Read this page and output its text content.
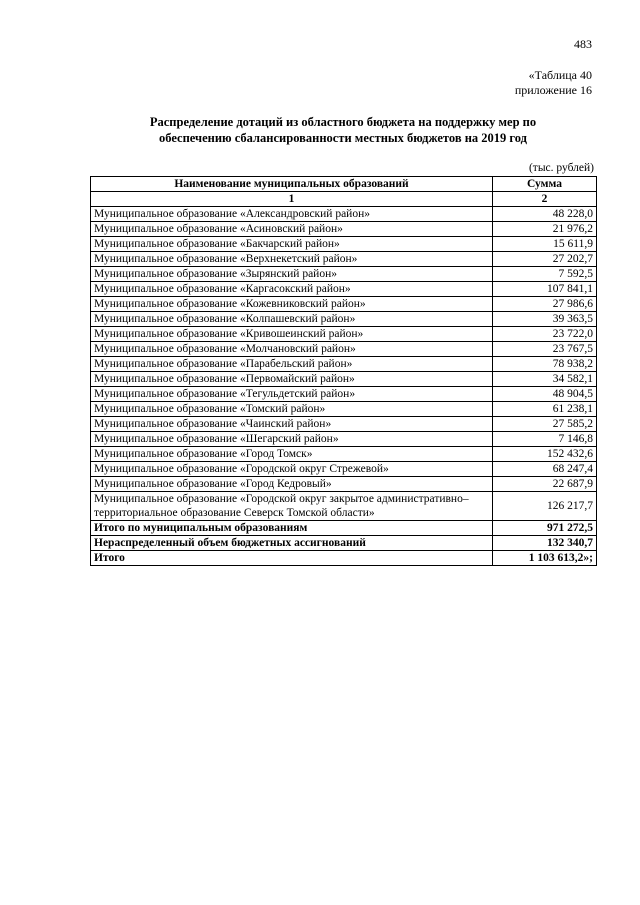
483
«Таблица 40
приложение 16
Распределение дотаций из областного бюджета на поддержку мер по
обеспечению сбалансированности местных бюджетов на 2019 год
(тыс. рублей)
Наименование муниципальных образований	Сумма
1	2
Муниципальное образование «Александровский район»	48 228,0
Муниципальное образование «Асиновский район»	21 976,2
Муниципальное образование «Бакчарский район»	15 611,9
Муниципальное образование «Верхнекетский район»	27 202,7
Муниципальное образование «Зырянский район»	7 592,5
Муниципальное образование «Каргасокский район»	107 841,1
Муниципальное образование «Кожевниковский район»	27 986,6
Муниципальное образование «Колпашевский район»	39 363,5
Муниципальное образование «Кривошеинский район»	23 722,0
Муниципальное образование «Молчановский район»	23 767,5
Муниципальное образование «Парабельский район»	78 938,2
Муниципальное образование «Первомайский район»	34 582,1
Муниципальное образование «Тегульдетский район»	48 904,5
Муниципальное образование «Томский район»	61 238,1
Муниципальное образование «Чаинский район»	27 585,2
Муниципальное образование «Шегарский район»	7 146,8
Муниципальное образование «Город Томск»	152 432,6
Муниципальное образование «Городской округ Стрежевой»	68 247,4
Муниципальное образование «Город Кедровый»	22 687,9
Муниципальное образование «Городской округ закрытое административно–территориальное образование Северск Томской области»	126 217,7
Итого по муниципальным образованиям	971 272,5
Нераспределенный объем бюджетных ассигнований	132 340,7
Итого	1 103 613,2»;
